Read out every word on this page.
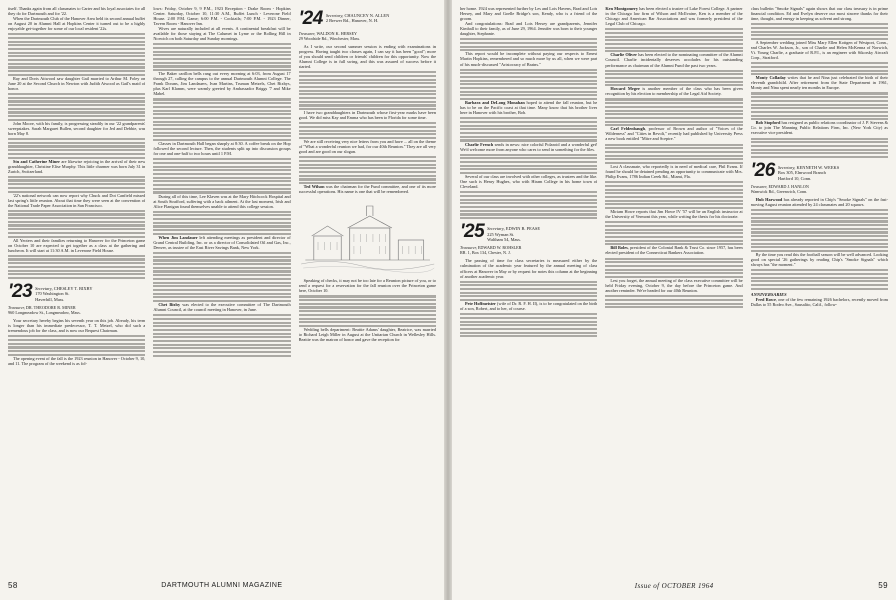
itself. Thanks again from all classmates to Carter and his loyal associates for all they do for Dartmouth and for '22.

When the Dartmouth Club of the Hanover Area held its second annual buffet on August 20 in Alumni Hall at Hopkins Center it turned out to be a highly enjoyable get-together for some of our local resident '22s.

Ray and Doris Attwood saw daughter Gail married to Arthur M. Foley on June 20 at the Second Church in Newton with Judith Atwood as Gail's maid of honor.

John Moore, with his family, is progressing steadily in our '22 grandparents' sweepstakes. Sarah Margaret Bullen, second daughter for Jed and Debbie, was born May 8.

Stu and Catherine Miner are likewise rejoicing in the arrival of their new granddaughter, Christine Elise Murphy. This little charmer was born July 31 in Zurich, Switzerland.

'22's national network can now report why Chuck and Dot Canfield missed last spring's little reunion. About that time they were seen at the convention of the National Trade Paper Association in San Francisco.

All Yeoters and their families returning to Hanover for the Princeton game on October 10 are expected to get together as a class at the gathering and luncheon. It will start at 11:30 A.M. in Leverone Field House.

'23 Secretary, CHESLEY T. BIXBY
170 Washington St.
Haverhill, Mass.
Treasurer, DR. THEODORE R. MINER
960 Longmeadow St., Longmeadow, Mass.

Your secretary hereby begins his seventh year on this job. Already, his term is longer than his immediate predecessor, T. T. Metzel, who did such a tremendous job for the class, and is now our Bequest Chairman.

The opening event of the fall is the 1923 reunion in Hanover - October 9, 10, and 11. The program of the weekend is as fol-

lows: Friday, October 9, 9 P.M., 1923 Reception - Drake Room - Hopkins Center. Saturday, October 10, 11:30 A.M., Buffet Lunch - Leverone Field House. 2:00 P.M. Game; 6:00 P.M. - Cocktails; 7:00 P.M. - 1923 Dinner, Tavern Room - Hanover Inn.

Wives are naturally included at all events. A continental breakfast will be available for those staying at The Calumet in Lyme or the Rolling Hill in Norwich on both Saturday and Sunday mornings.

The Baker carillon bells rang out every morning at 6:03, from August 17 through 27, calling the campus to the annual Dartmouth Alumni College. The Frank Dorans, Jim Landauers, Ivan Martins, Truman Metzels, Chet Bixbys, plus Karl Klamm, were warmly greeted by Ambassador Briggs '7 and Mike Mabel.

Classes in Dartmouth Hall began sharply at 8:30. A coffee break on the Hop followed the second lecture. Then, the students split up into discussion groups for one and one-half to two hours until 1 P.M.

During all of this time, Lee Klaven was at the Mary Hitchcock Hospital and at South Strafford, suffering with a back ailment. At the last moment, Irish and Alice Flanigan found themselves unable to attend this college session.

When Jim Landauer left attending meetings as president and director of Grand Central Building, Inc. or as a director of Consolidated Oil and Gas, Inc., Denver, as trustee of the East River Savings Bank, New York.

Chet Bixby was elected to the executive committee of The Dartmouth Alumni Council, at the council meeting in Hanover, in June.

'24 Secretary, CHAUNCEY N. ALLEN
2 Brewer Rd., Hanover, N. H.
Treasurer, WALDON K. HERSEY
29 Woodside Rd., Winchester, Mass.

As I write, our second summer session is ending with examinations in progress. Having taught two classes again, I can say it has been "good"; more of you should send children or friends' children for this opportunity. Now the Alumni College is in full swing, and this was assured of success before it started.

I have two granddaughters in Dartmouth whose first-year marks have been good. We did miss Kay and Emma who has been to Florida for some time.

We are still receiving very nice letters from you and have ... all on the theme of "What a wonderful reunion we had, for our 40th Reunion." They are all very good and are good on our slogan.

Ted Wilson was the chairman for the Fund committee, and one of its more successful operations. His name is one that will be remembered.

Speaking of checks, it may not be too late for a Reunion picture of you, or to send a request for a reservation for the fall reunion over the Princeton game here, October 10.

Wedding bells department: Beattie Adams' daughter, Beatrice, was married to Richard Leigh Miller in August at the Unitarian Church in Wellesley Hills. Beattie was the matron of honor and gave the reception for

58	DARTMOUTH ALUMNI MAGAZINE

her home. 1924 was represented further by Les and Lois Havens, Brad and Lois Hersey, and Mary and Goelle Bridge's son, Kendy, who is a friend of the groom.

And congratulations: Brad and Lois Hersey are grandparents, Jennifer Kimball to their family, as of June 29, 1964. Jennifer was born to their younger daughter, Stephanie.

This report would be incomplete without paying our respects to Ernest Martin Hopkins, remembered and so much more by us all, when we were part of his much-discussed "Aristocracy of Brains."

Barbara and DeLong Monahan hoped to attend the fall reunion, but he has to be on the Pacific coast at that time. Many know that his brother lives here in Hanover with his brother, Bob.

Charlie French sends in news: nice colorful Polaroid and a wonderful get! We'd welcome more from anyone who cares to send in something for the files.

Several of our class are involved with other colleges, as trustees and the like. One such is Henry Hughes, who with Hiram College in his home town of Cleveland.

'25 Secretary, EDWIN B. PEASE
225 Wyman St.
Waltham 54, Mass.
Treasurer, EDWARD W. ROHSLER
RR. 1, Box 134, Chester, N. J.

The passing of time for class secretaries is measured either by the culmination of the academic year featured by the annual meeting of class officers at Hanover in May or by request for notes this column at the beginning of another academic year.

Pete Hoffmeister (wife of Dr. R. F. H. II), is to be congratulated on the birth of a son, Robert, and to her, of course.

Ken Montgomery has been elected a trustee of Lake Forest College. A partner in the Chicago law firm of Wilson and McIlvaine, Ken is a member of the Chicago and American Bar Associations and was formerly president of the Legal Club of Chicago.

Charlie Oliver has been elected to the nominating committee of the Alumni Council. Charlie incidentally deserves accolades for his outstanding performance as chairman of the Alumni Fund the past two years.

Howard Megee is another member of the class who has been given recognition by his election to membership of the Legal Aid Society.

Carl Feldenbaugh, professor of Brown and author of "Voices of the Wilderness" and "Cities in Revolt," recently had published by University Press a new book entitled "Mitre and Sceptre."

Lost A classmate, who reportedly is in need of medical care, Phil Evans. If found he should be detained pending an opportunity to communicate with Mrs. Philip Evans, 1786 Indian Creek Rd., Miami, Fla.

Miriam Howe reports that Jim Howe IV '57 will be an English instructor at the University of Vermont this year, while writing the thesis for his doctorate.

Bill Boles, president of the Colonial Bank & Trust Co. since 1957, has been elected president of the Connecticut Bankers Association.

Lest you forget, the annual meeting of the class executive committee will be held Friday evening, October 9, the day before the Princeton game. And another reminder. We're headed for our 40th Reunion.

class bulletin "Smoke Signals" again shows that our class treasury is in prime financial condition. Ed and Evelyn deserve our most sincere thanks for their time, thought, and energy in keeping us solvent and strong.

A September wedding joined Miss Mary Ellen Kottgen of Westport, Conn., and Charles W. Jackson, Jr., son of Charlie and Helen McKenna of Norwich, Vt. Young Charlie, a graduate of R.P.I., is an engineer with Sikorsky Aircraft Corp., Stratford.

Monty Colladay writes that he and Nina just celebrated the birth of their eleventh grandchild. After retirement from the State Department in 1961, Monty and Nina spent nearly ten months in Europe.

Bob Stopford has resigned as public relations coordinator of J. P. Stevens & Co. to join The Manning Public Relations Firm, Inc. (New York City) as executive vice president.

'26 Secretary, KENNETH W. WEEKS
Box 305, Elmwood Branch
Hartford 10, Conn.
Treasurer, EDWARD J. HANLON
Wamwick Rd., Greenwich, Conn.

Hub Harwood has already reported in Chip's "Smoke Signals" on the fast-moving August reunion attended by 24 classmates and 20 squaws.

By the time you read this the football season will be well advanced. Looking good on special '26 gatherings by reading Chip's "Smoke Signals" which always has "the moment."

ANNIVERSARIES

Fred Rowe, one of the few remaining 1926 bachelors, recently moved from Dallas to 55 Rodeo Ave., Sausalito, Calif., follow-

Issue of OCTOBER 1964	59
